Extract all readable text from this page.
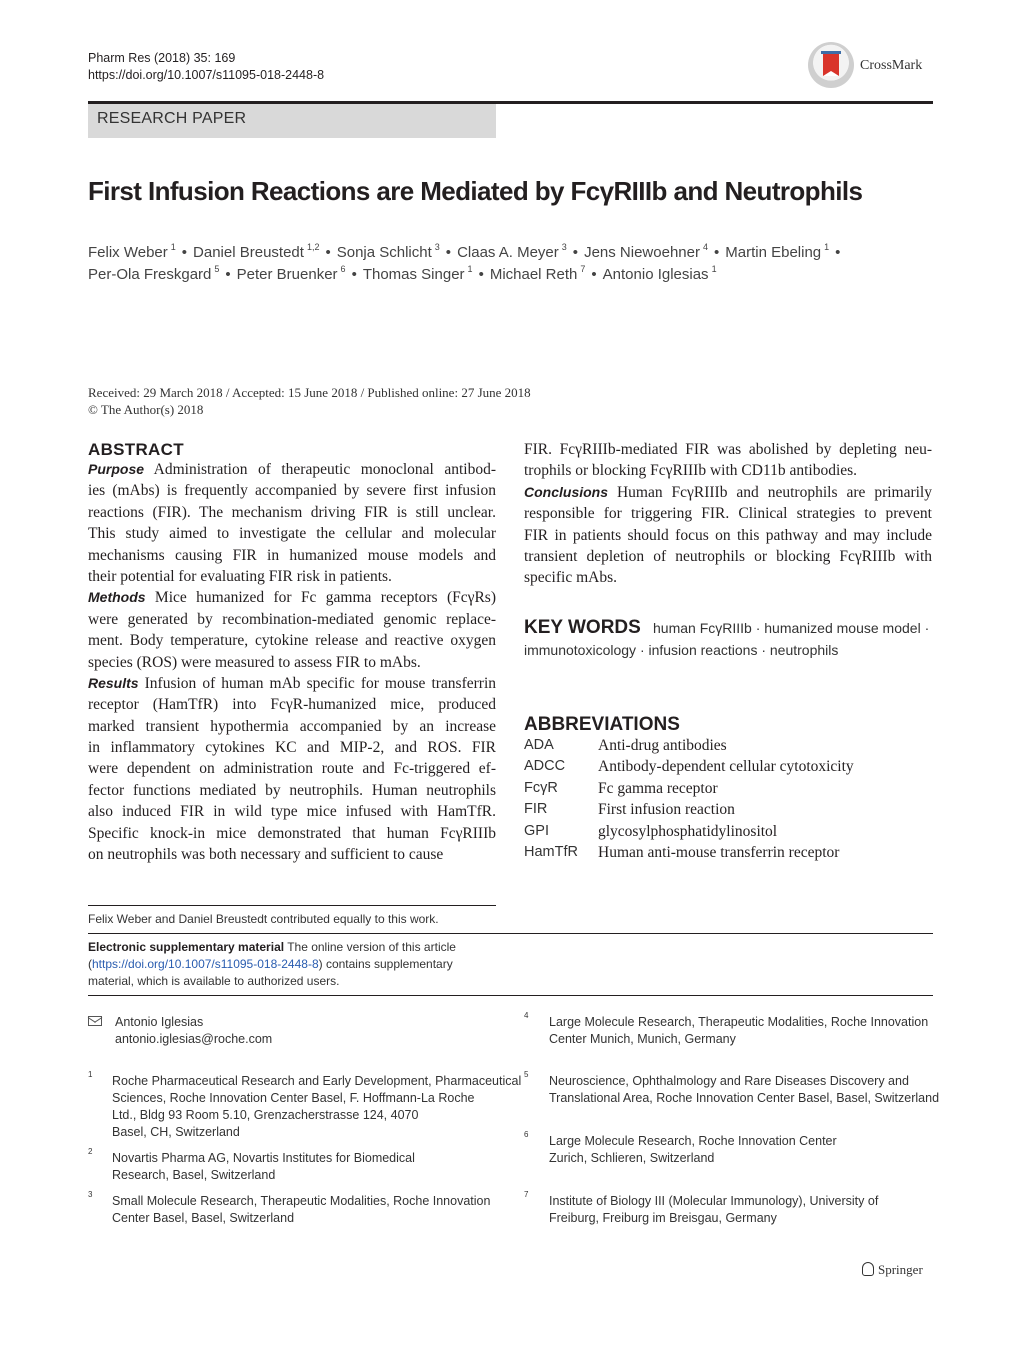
Pharm Res (2018) 35: 169
https://doi.org/10.1007/s11095-018-2448-8
CrossMark
RESEARCH PAPER
First Infusion Reactions are Mediated by FcγRIIIb and Neutrophils
Felix Weber $^1$ • Daniel Breustedt $^{1,2}$ • Sonja Schlicht $^3$ • Claas A. Meyer $^3$ • Jens Niewoehner $^4$ • Martin Ebeling $^1$ •
Per-Ola Freskgard $^5$ • Peter Bruenker $^6$ • Thomas Singer $^1$ • Michael Reth $^7$ • Antonio Iglesias $^1$
Received: 29 March 2018 / Accepted: 15 June 2018 / Published online: 27 June 2018
© The Author(s) 2018
ABSTRACT
Purpose Administration of therapeutic monoclonal antibod-
ies (mAbs) is frequently accompanied by severe first infusion
reactions (FIR). The mechanism driving FIR is still unclear.
This study aimed to investigate the cellular and molecular
mechanisms causing FIR in humanized mouse models and
their potential for evaluating FIR risk in patients.
Methods Mice humanized for Fc gamma receptors (FcγRs)
were generated by recombination-mediated genomic replace-
ment. Body temperature, cytokine release and reactive oxygen
species (ROS) were measured to assess FIR to mAbs.
Results Infusion of human mAb specific for mouse transferrin
receptor (HamTfR) into FcγR-humanized mice, produced
marked transient hypothermia accompanied by an increase
in inflammatory cytokines KC and MIP-2, and ROS. FIR
were dependent on administration route and Fc-triggered ef-
fector functions mediated by neutrophils. Human neutrophils
also induced FIR in wild type mice infused with HamTfR.
Specific knock-in mice demonstrated that human FcγRIIIb
on neutrophils was both necessary and sufficient to cause
FIR. FcγRIIIb-mediated FIR was abolished by depleting neu-
trophils or blocking FcγRIIIb with CD11b antibodies.
Conclusions Human FcγRIIIb and neutrophils are primarily
responsible for triggering FIR. Clinical strategies to prevent
FIR in patients should focus on this pathway and may include
transient depletion of neutrophils or blocking FcγRIIIb with
specific mAbs.
KEY WORDS human FcγRIIIb · humanized mouse model ·
immunotoxicology · infusion reactions · neutrophils
ABBREVIATIONS
ADA	Anti-drug antibodies
ADCC Antibody-dependent cellular cytotoxicity
FcγR	Fc gamma receptor
FIR	First infusion reaction
GPI	glycosylphosphatidylinositol
HamTfR Human anti-mouse transferrin receptor
Felix Weber and Daniel Breustedt contributed equally to this work.
Electronic supplementary material The online version of this article
(https://doi.org/10.1007/s11095-018-2448-8) contains supplementary
material, which is available to authorized users.
Antonio Iglesias
antonio.iglesias@roche.com
1 Roche Pharmaceutical Research and Early Development, Pharmaceutical
Sciences, Roche Innovation Center Basel, F. Hoffmann-La Roche
Ltd., Bldg 93 Room 5.10, Grenzacherstrasse 124, 4070
Basel, CH, Switzerland
2 Novartis Pharma AG, Novartis Institutes for Biomedical
Research, Basel, Switzerland
3 Small Molecule Research, Therapeutic Modalities, Roche Innovation
Center Basel, Basel, Switzerland
4 Large Molecule Research, Therapeutic Modalities, Roche Innovation
Center Munich, Munich, Germany
5 Neuroscience, Ophthalmology and Rare Diseases Discovery and
Translational Area, Roche Innovation Center Basel, Basel, Switzerland
6 Large Molecule Research, Roche Innovation Center
Zurich, Schlieren, Switzerland
7 Institute of Biology III (Molecular Immunology), University of
Freiburg, Freiburg im Breisgau, Germany
Springer
